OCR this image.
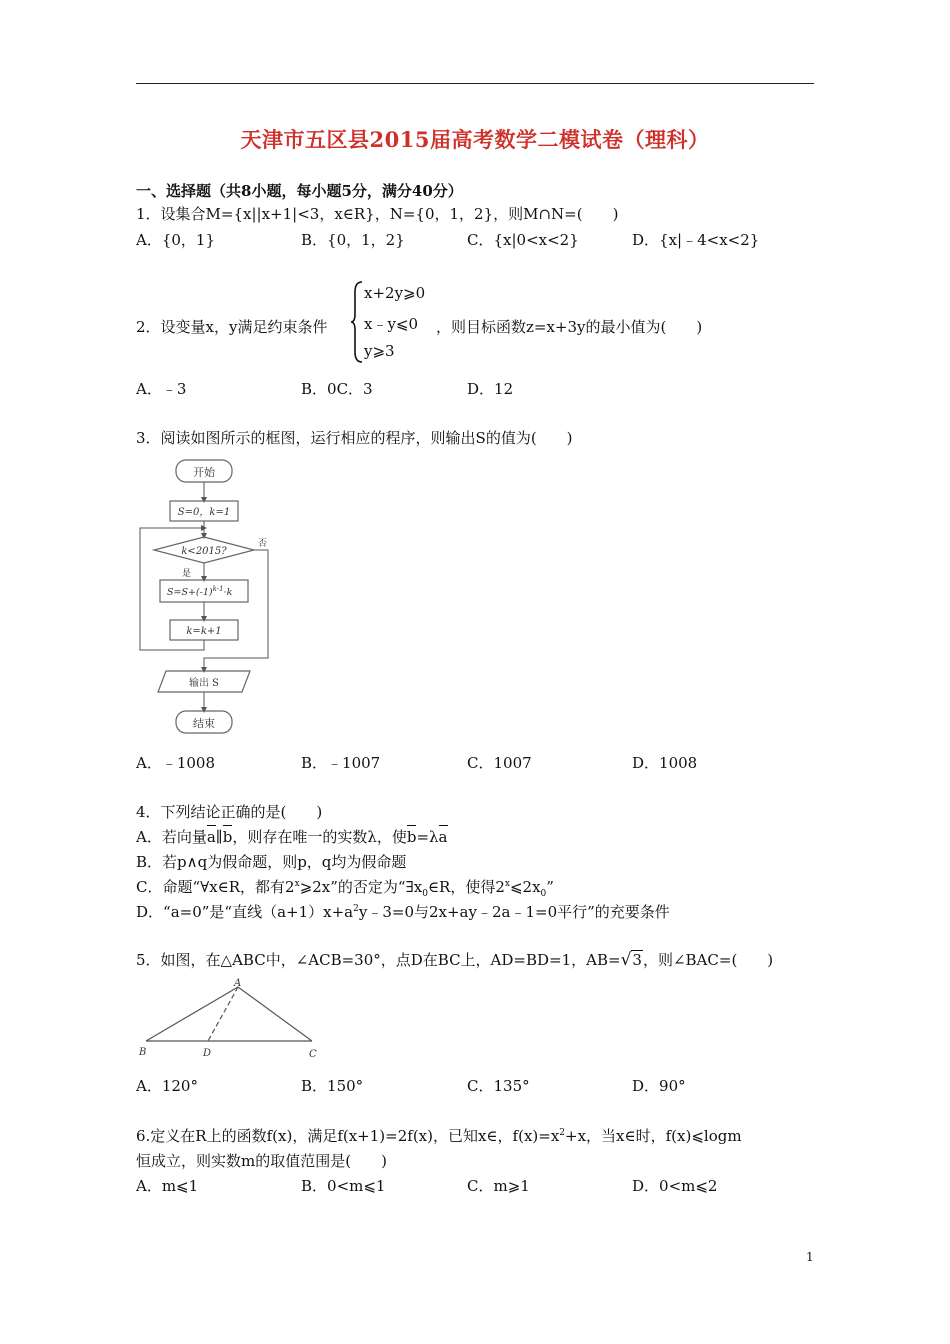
天津市五区县2015届高考数学二模试卷（理科）
一、选择题（共8小题，每小题5分，满分40分）
1．设集合M={x||x+1|<3，x∈R}，N={0，1，2}，则M∩N=(　　)
A．{0，1}	B．{0，1，2}	C．{x|0<x<2}	D．{x|﹣4<x<2}
2．设变量x，y满足约束条件
x+2y⩾0
x﹣y⩽0
y⩾3
，则目标函数z=x+3y的最小值为(　　)
A．﹣3	B．0C．3	D．12
3．阅读如图所示的框图，运行相应的程序，则输出S的值为(　　)
开始
S=0，k=1
k<2015?
否
是
$S=S+(-1)^{k-1}\cdot k$
k=k+1
输出 S
结束
A．﹣1008	B．﹣1007	C．1007	D．1008
4．下列结论正确的是(　　)
A．若向量a∥b，则存在唯一的实数λ，使b=λa
B．若p∧q为假命题，则p，q均为假命题
C．命题“∀x∈R，都有2$^x$⩾2x”的否定为“$\exists x_0\in R$，使得$2^x⩽2x_0$”
D．“a=0”是“直线$(a+1)x+a^2y﹣3=0$与2x+ay﹣2a﹣1=0平行”的充要条件
5．如图，在△ABC中，∠ACB=30°，点D在BC上，AD=BD=1，AB=√3，则∠BAC=(　　)
A
B	C
D
A．120°	B．150°	C．135°	D．90°
6.定义在R上的函数f(x)，满足f(x+1)=2f(x)，已知x∈，$f(x)=x^2+x$，当x∈时，f(x)⩽logm
恒成立，则实数m的取值范围是(　　)
A．m⩽1	B．0<m⩽1	C．m⩾1	D．0<m⩽2
1
